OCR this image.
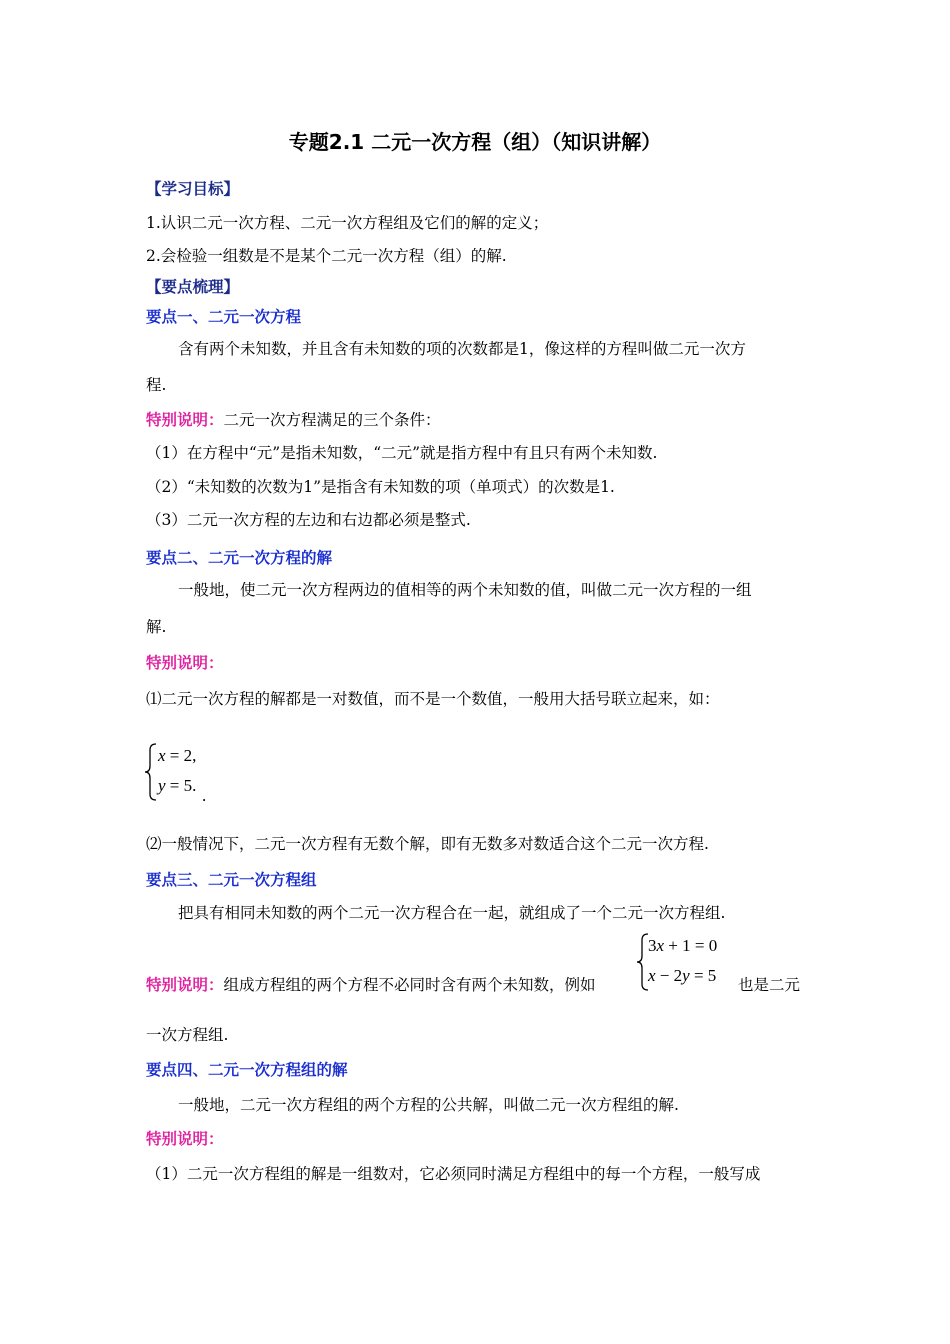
专题2.1 二元一次方程（组）（知识讲解）
【学习目标】
1.认识二元一次方程、二元一次方程组及它们的解的定义；
2.会检验一组数是不是某个二元一次方程（组）的解.
【要点梳理】
要点一、二元一次方程
含有两个未知数，并且含有未知数的项的次数都是1，像这样的方程叫做二元一次方
程.
特别说明：二元一次方程满足的三个条件：
（1）在方程中“元”是指未知数，“二元”就是指方程中有且只有两个未知数.
（2）“未知数的次数为1”是指含有未知数的项（单项式）的次数是1.
（3）二元一次方程的左边和右边都必须是整式.
要点二、二元一次方程的解
一般地，使二元一次方程两边的值相等的两个未知数的值，叫做二元一次方程的一组
解.
特别说明：
⑴二元一次方程的解都是一对数值，而不是一个数值，一般用大括号联立起来，如：
x = 2,
y = 5.
.
⑵一般情况下，二元一次方程有无数个解，即有无数多对数适合这个二元一次方程.
要点三、二元一次方程组
把具有相同未知数的两个二元一次方程合在一起，就组成了一个二元一次方程组.
3x + 1 = 0
x − 2y = 5
特别说明：组成方程组的两个方程不必同时含有两个未知数，例如	也是二元
一次方程组.
要点四、二元一次方程组的解
一般地，二元一次方程组的两个方程的公共解，叫做二元一次方程组的解.
特别说明：
（1）二元一次方程组的解是一组数对，它必须同时满足方程组中的每一个方程，一般写成
